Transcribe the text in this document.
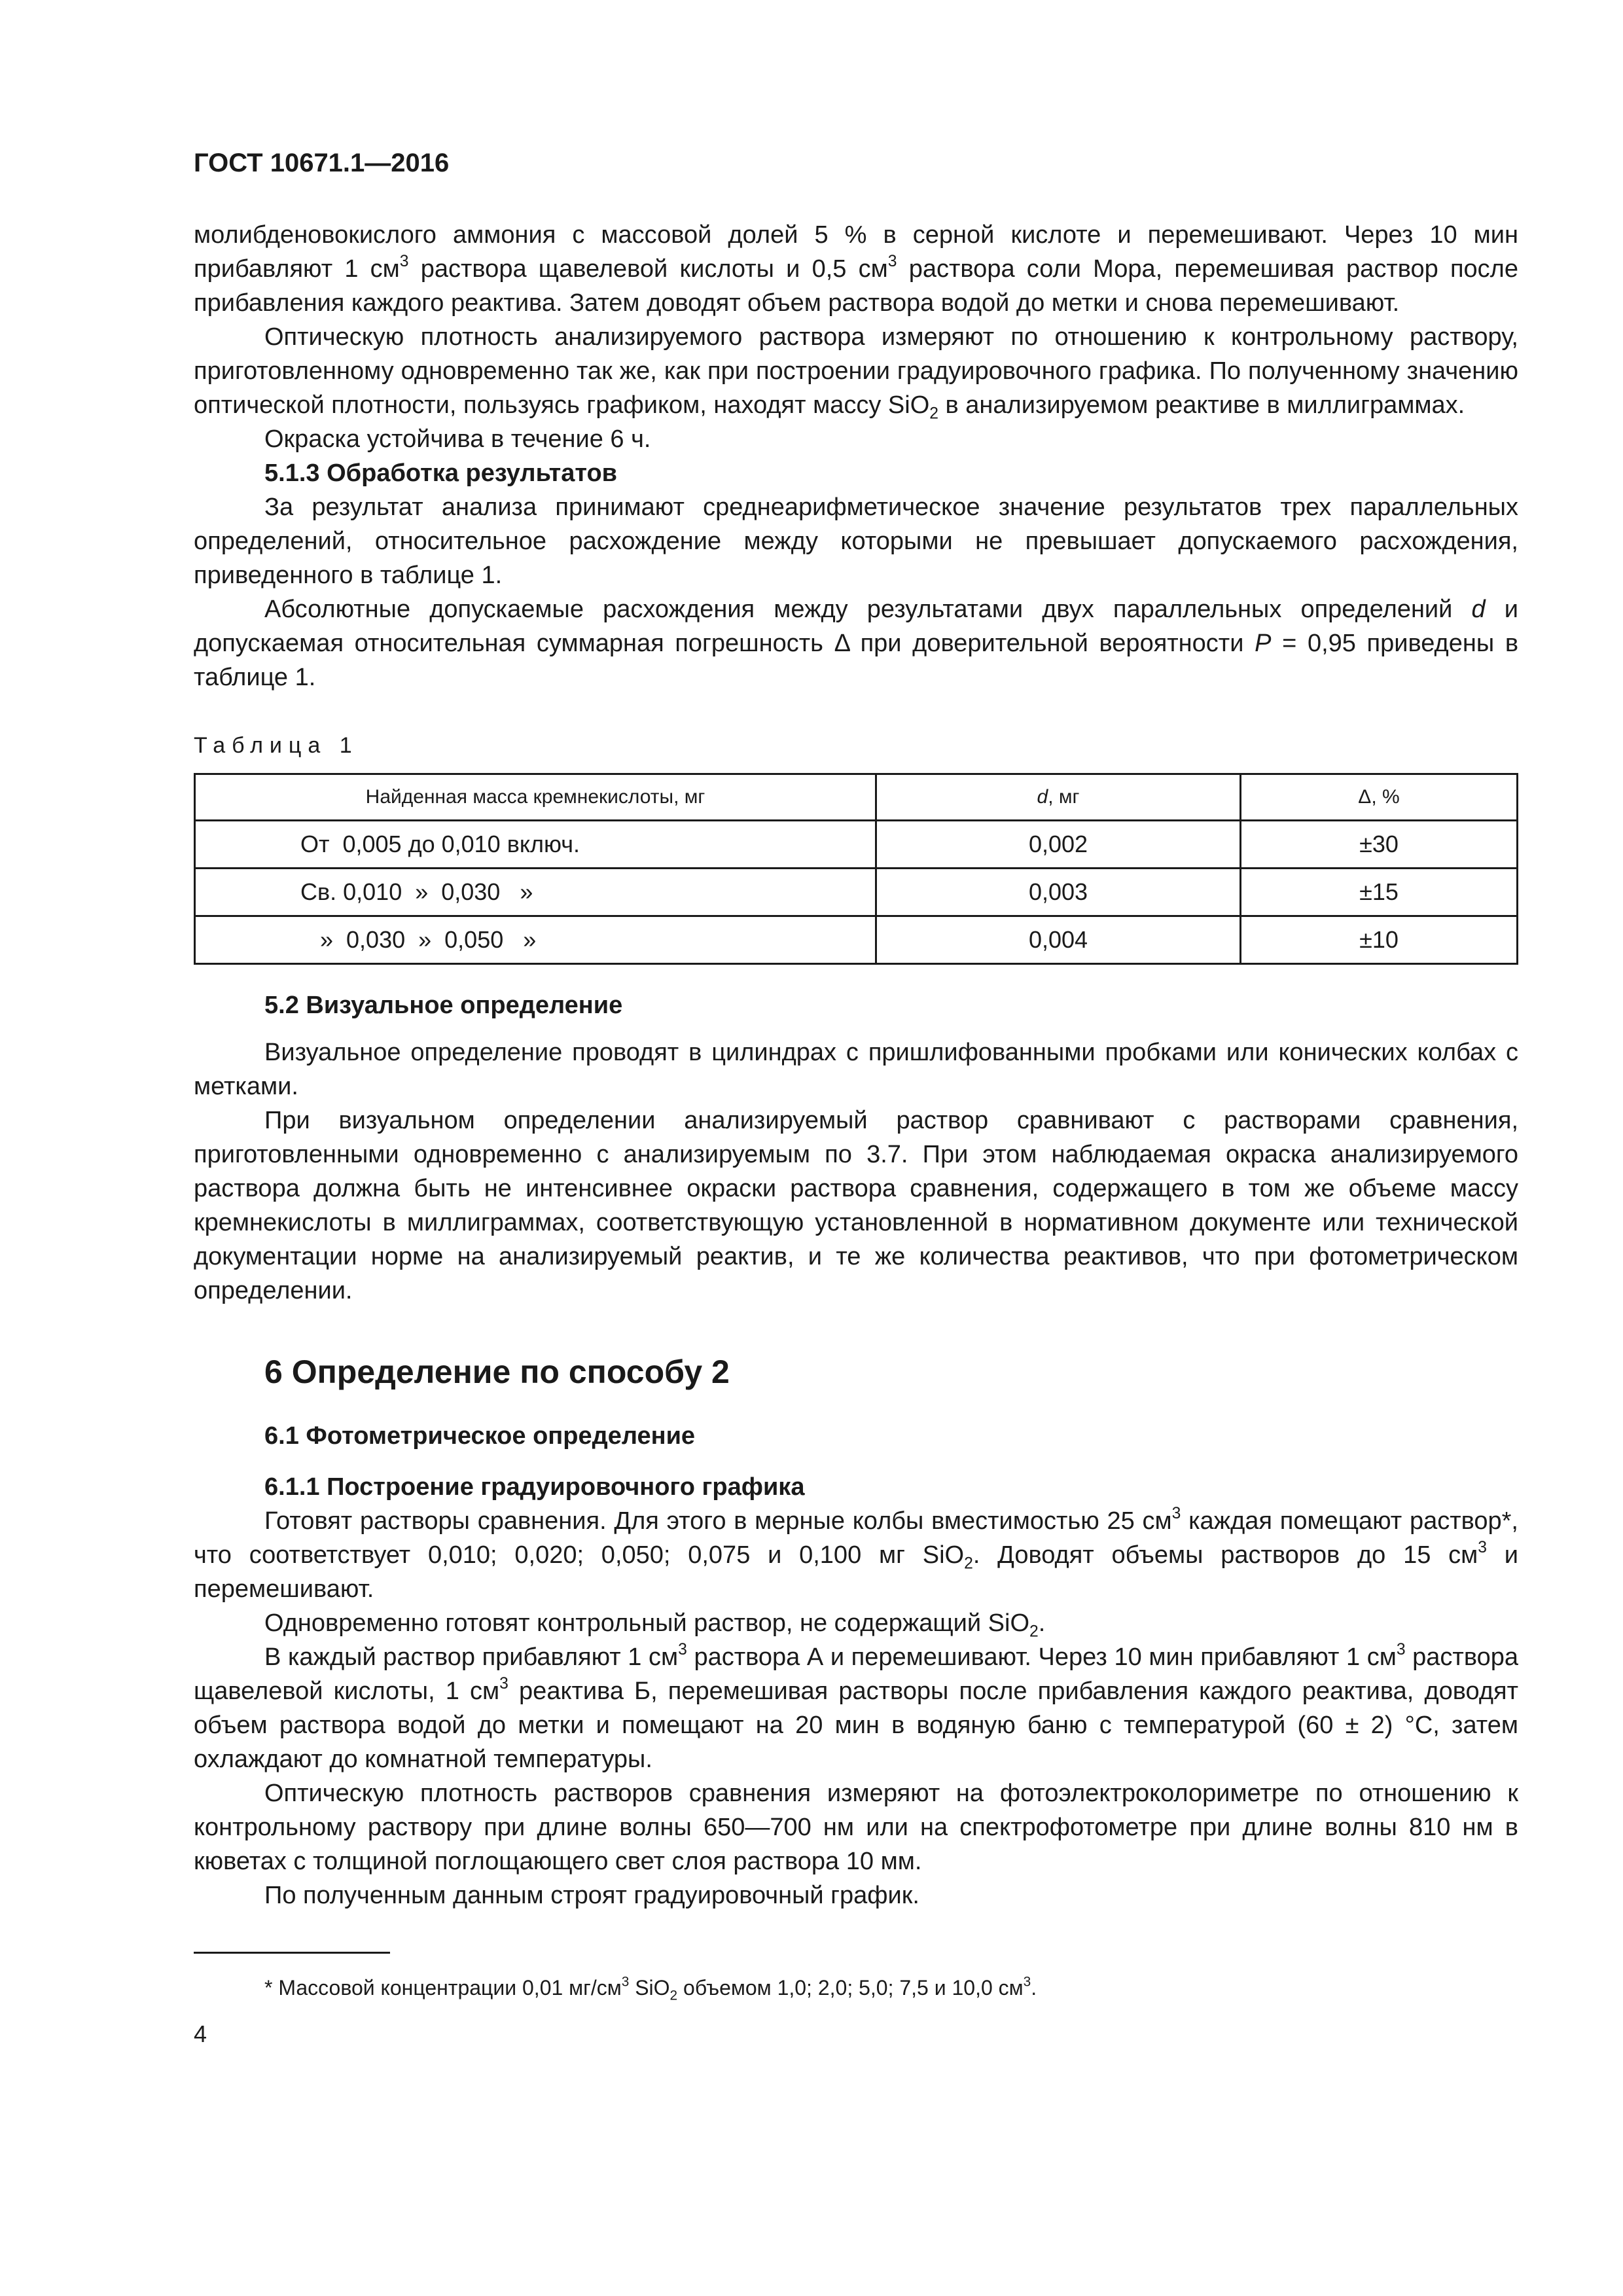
ГОСТ 10671.1—2016

молибденовокислого аммония с массовой долей 5 % в серной кислоте и перемешивают. Через 10 мин прибавляют 1 $см^3$ раствора щавелевой кислоты и 0,5 $см^3$ раствора соли Мора, перемешивая раствор после прибавления каждого реактива. Затем доводят объем раствора водой до метки и снова перемешивают.

Оптическую плотность анализируемого раствора измеряют по отношению к контрольному раствору, приготовленному одновременно так же, как при построении градуировочного графика. По полученному значению оптической плотности, пользуясь графиком, находят массу SiO$_2$ в анализируемом реактиве в миллиграммах.

Окраска устойчива в течение 6 ч.

5.1.3 Обработка результатов

За результат анализа принимают среднеарифметическое значение результатов трех параллельных определений, относительное расхождение между которыми не превышает допускаемого расхождения, приведенного в таблице 1.

Абсолютные допускаемые расхождения между результатами двух параллельных определений d и допускаемая относительная суммарная погрешность Δ при доверительной вероятности P = 0,95 приведены в таблице 1.

Таблица 1
Найденная масса кремнекислоты, мг	d, мг	Δ, %
От  0,005 до 0,010 включ.	0,002	±30
Св. 0,010  »  0,030   »	0,003	±15
»  0,030  »  0,050   »	0,004	±10
5.2 Визуальное определение

Визуальное определение проводят в цилиндрах с пришлифованными пробками или конических колбах с метками.

При визуальном определении анализируемый раствор сравнивают с растворами сравнения, приготовленными одновременно с анализируемым по 3.7. При этом наблюдаемая окраска анализируемого раствора должна быть не интенсивнее окраски раствора сравнения, содержащего в том же объеме массу кремнекислоты в миллиграммах, соответствующую установленной в нормативном документе или технической документации норме на анализируемый реактив, и те же количества реактивов, что при фотометрическом определении.

6 Определение по способу 2
6.1 Фотометрическое определение
6.1.1 Построение градуировочного графика

Готовят растворы сравнения. Для этого в мерные колбы вместимостью 25 $см^3$ каждая помещают раствор*, что соответствует 0,010; 0,020; 0,050; 0,075 и 0,100 мг SiO$_2$. Доводят объемы растворов до 15 $см^3$ и перемешивают.

Одновременно готовят контрольный раствор, не содержащий SiO$_2$.

В каждый раствор прибавляют 1 $см^3$ раствора А и перемешивают. Через 10 мин прибавляют 1 $см^3$ раствора щавелевой кислоты, 1 $см^3$ реактива Б, перемешивая растворы после прибавления каждого реактива, доводят объем раствора водой до метки и помещают на 20 мин в водяную баню с температурой (60 ± 2) °С, затем охлаждают до комнатной температуры.

Оптическую плотность растворов сравнения измеряют на фотоэлектроколориметре по отношению к контрольному раствору при длине волны 650—700 нм или на спектрофотометре при длине волны 810 нм в кюветах с толщиной поглощающего свет слоя раствора 10 мм.

По полученным данным строят градуировочный график.

* Массовой концентрации 0,01 $мг/см^3$ SiO$_2$ объемом 1,0; 2,0; 5,0; 7,5 и 10,0 $см^3$.
4
